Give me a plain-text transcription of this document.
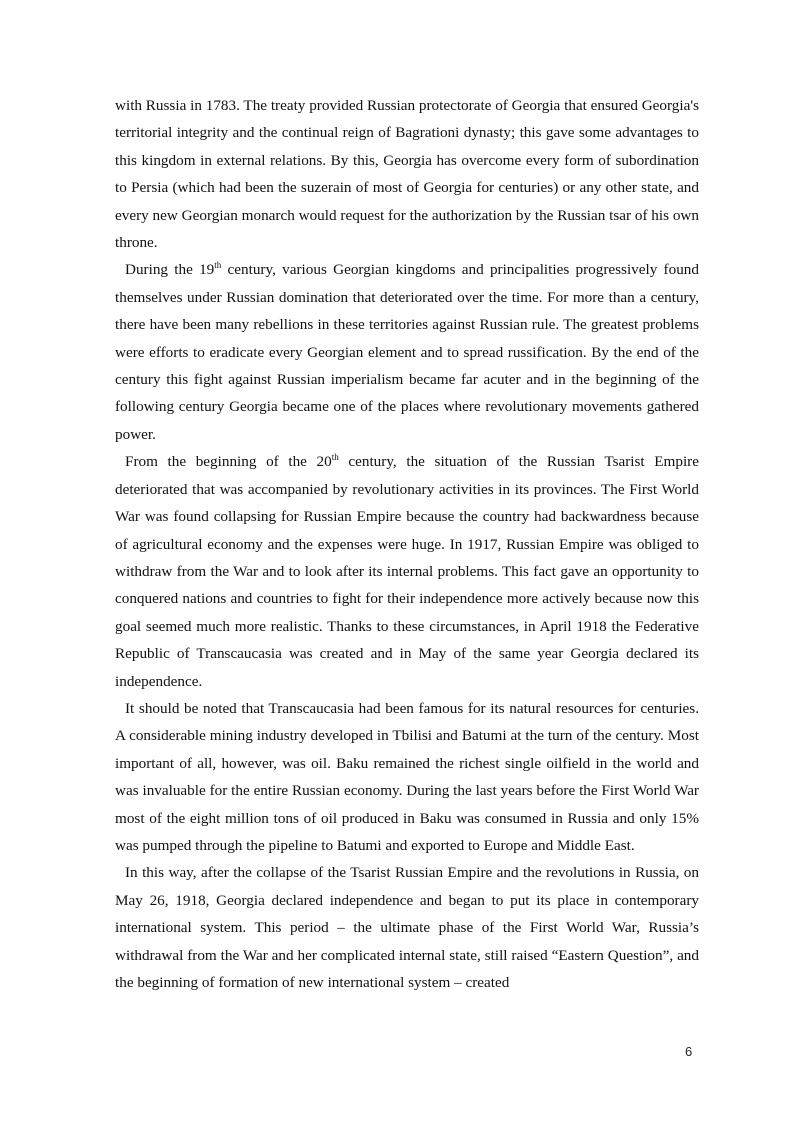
with Russia in 1783. The treaty provided Russian protectorate of Georgia that ensured Georgia's territorial integrity and the continual reign of Bagrationi dynasty; this gave some advantages to this kingdom in external relations. By this, Georgia has overcome every form of subordination to Persia (which had been the suzerain of most of Georgia for centuries) or any other state, and every new Georgian monarch would request for the authorization by the Russian tsar of his own throne.

During the 19th century, various Georgian kingdoms and principalities progressively found themselves under Russian domination that deteriorated over the time. For more than a century, there have been many rebellions in these territories against Russian rule. The greatest problems were efforts to eradicate every Georgian element and to spread russification. By the end of the century this fight against Russian imperialism became far acuter and in the beginning of the following century Georgia became one of the places where revolutionary movements gathered power.

From the beginning of the 20th century, the situation of the Russian Tsarist Empire deteriorated that was accompanied by revolutionary activities in its provinces. The First World War was found collapsing for Russian Empire because the country had backwardness because of agricultural economy and the expenses were huge. In 1917, Russian Empire was obliged to withdraw from the War and to look after its internal problems. This fact gave an opportunity to conquered nations and countries to fight for their independence more actively because now this goal seemed much more realistic. Thanks to these circumstances, in April 1918 the Federative Republic of Transcaucasia was created and in May of the same year Georgia declared its independence.

It should be noted that Transcaucasia had been famous for its natural resources for centuries. A considerable mining industry developed in Tbilisi and Batumi at the turn of the century. Most important of all, however, was oil. Baku remained the richest single oilfield in the world and was invaluable for the entire Russian economy. During the last years before the First World War most of the eight million tons of oil produced in Baku was consumed in Russia and only 15% was pumped through the pipeline to Batumi and exported to Europe and Middle East.

In this way, after the collapse of the Tsarist Russian Empire and the revolutions in Russia, on May 26, 1918, Georgia declared independence and began to put its place in contemporary international system. This period – the ultimate phase of the First World War, Russia’s withdrawal from the War and her complicated internal state, still raised “Eastern Question”, and the beginning of formation of new international system – created

6
